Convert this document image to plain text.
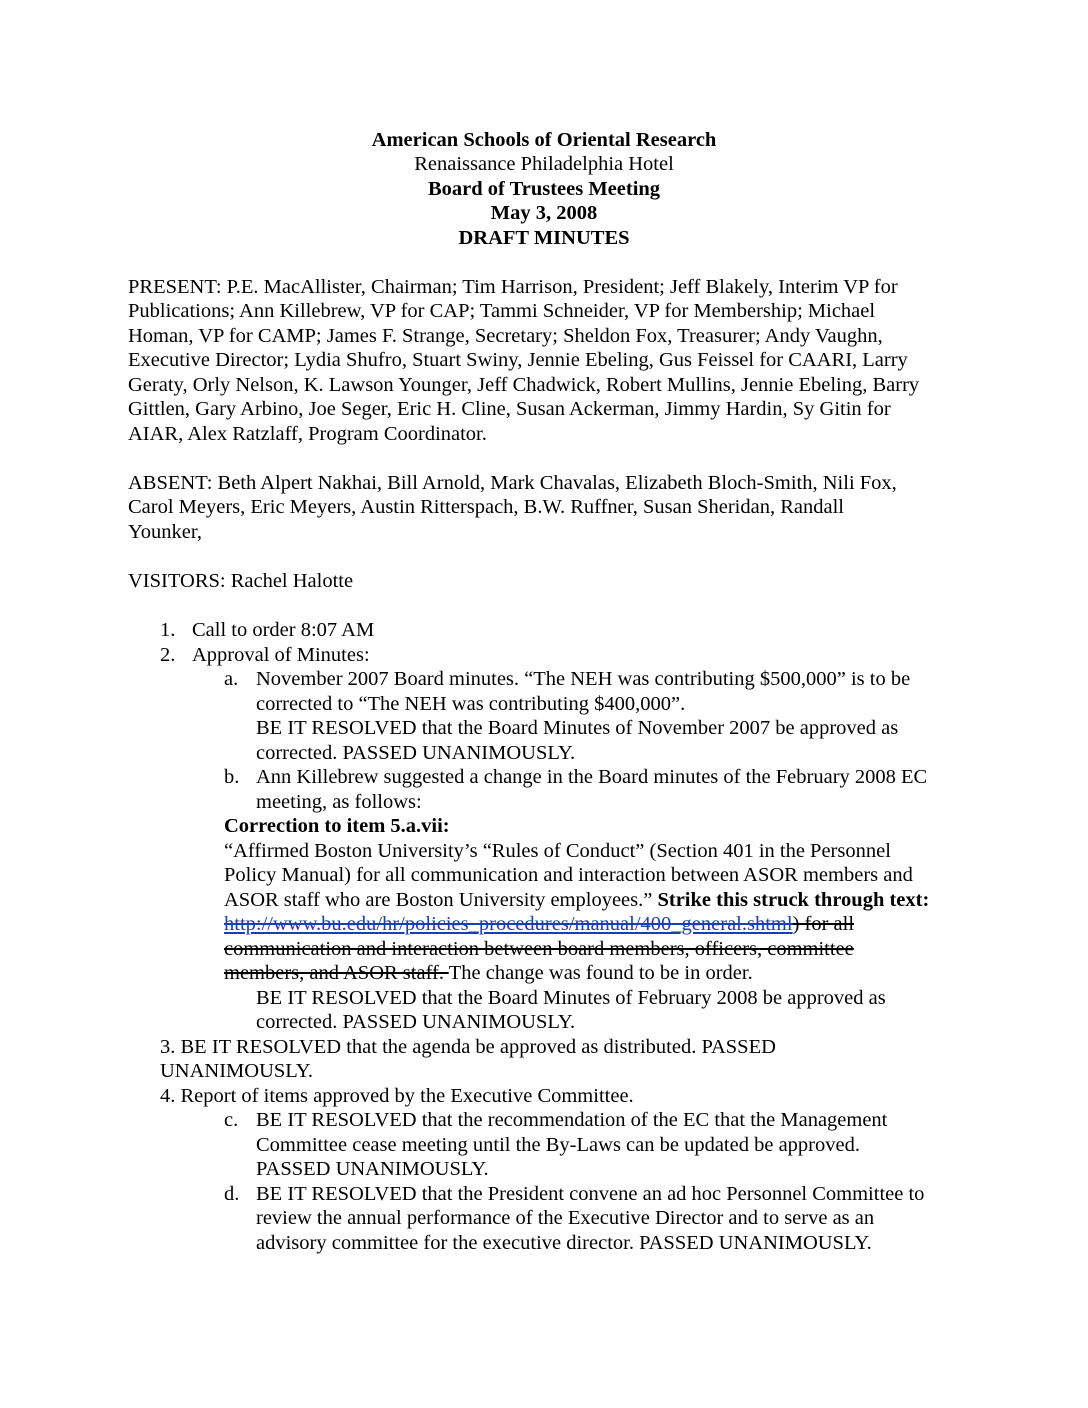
American Schools of Oriental Research
Renaissance Philadelphia Hotel
Board of Trustees Meeting
May 3, 2008
DRAFT MINUTES
PRESENT: P.E. MacAllister, Chairman; Tim Harrison, President; Jeff Blakely, Interim VP for
Publications; Ann Killebrew, VP for CAP; Tammi Schneider, VP for Membership; Michael
Homan, VP for CAMP; James F. Strange, Secretary; Sheldon Fox, Treasurer; Andy Vaughn,
Executive Director; Lydia Shufro, Stuart Swiny, Jennie Ebeling, Gus Feissel for CAARI, Larry
Geraty, Orly Nelson, K. Lawson Younger, Jeff Chadwick, Robert Mullins, Jennie Ebeling, Barry
Gittlen, Gary Arbino, Joe Seger, Eric H. Cline, Susan Ackerman, Jimmy Hardin, Sy Gitin for
AIAR, Alex Ratzlaff, Program Coordinator.
ABSENT: Beth Alpert Nakhai, Bill Arnold, Mark Chavalas, Elizabeth Bloch-Smith, Nili Fox,
Carol Meyers, Eric Meyers, Austin Ritterspach, B.W. Ruffner, Susan Sheridan, Randall
Younker,
VISITORS: Rachel Halotte
1. Call to order 8:07 AM
2. Approval of Minutes:
a. November 2007 Board minutes. “The NEH was contributing $500,000” is to be
corrected to “The NEH was contributing $400,000”.
BE IT RESOLVED that the Board Minutes of November 2007 be approved as
corrected. PASSED UNANIMOUSLY.
b. Ann Killebrew suggested a change in the Board minutes of the February 2008 EC
meeting, as follows:
Correction to item 5.a.vii:
“Affirmed Boston University’s “Rules of Conduct” (Section 401 in the Personnel
Policy Manual) for all communication and interaction between ASOR members and
ASOR staff who are Boston University employees.” Strike this struck through text:
http://www.bu.edu/hr/policies_procedures/manual/400_general.shtml) for all
communication and interaction between board members, officers, committee
members, and ASOR staff. The change was found to be in order.
BE IT RESOLVED that the Board Minutes of February 2008 be approved as
corrected. PASSED UNANIMOUSLY.
3. BE IT RESOLVED that the agenda be approved as distributed. PASSED
UNANIMOUSLY.
4. Report of items approved by the Executive Committee.
c. BE IT RESOLVED that the recommendation of the EC that the Management
Committee cease meeting until the By-Laws can be updated be approved.
PASSED UNANIMOUSLY.
d. BE IT RESOLVED that the President convene an ad hoc Personnel Committee to
review the annual performance of the Executive Director and to serve as an
advisory committee for the executive director. PASSED UNANIMOUSLY.
